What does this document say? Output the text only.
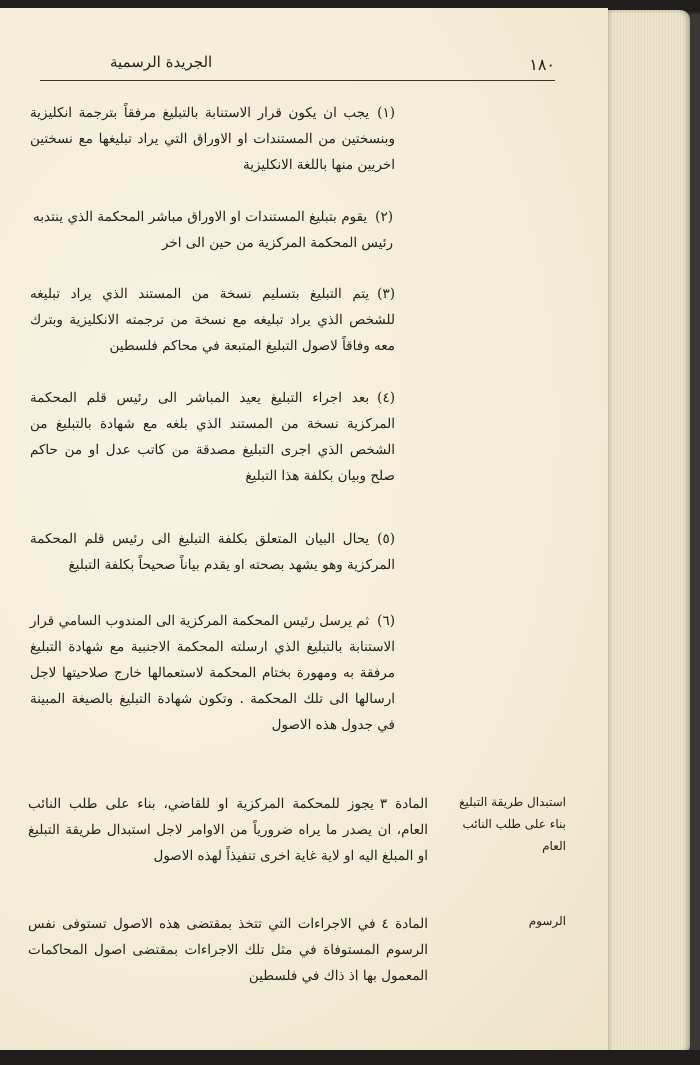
١٨٠
الجريدة الرسمية
(١)يجب ان يكون قرار الاستنابة بالتبليغ مرفقاً بترجمة انكليزية وبنسختين من المستندات او الاوراق التي يراد تبليغها مع نسختين اخريين منها باللغة الانكليزية
(٢)يقوم بتبليغ المستندات او الاوراق مباشر المحكمة الذي ينتدبه رئيس المحكمة المركزية من حين الى اخر
(٣)يتم التبليغ بتسليم نسخة من المستند الذي يراد تبليغه للشخص الذي يراد تبليغه مع نسخة من ترجمته الانكليزية وبترك معه وفاقاً لاصول التبليغ المتبعة في محاكم فلسطين
(٤)بعد اجراء التبليغ يعيد المباشر الى رئيس قلم المحكمة المركزية نسخة من المستند الذي بلغه مع شهادة بالتبليغ من الشخص الذي اجرى التبليغ مصدقة من كاتب عدل او من حاكم صلح وبيان بكلفة هذا التبليغ
(٥)يحال البيان المتعلق بكلفة التبليغ الى رئيس قلم المحكمة المركزية وهو يشهد بصحته او يقدم بياناً صحيحاً بكلفة التبليغ
(٦)ثم يرسل رئيس المحكمة المركزية الى المندوب السامي قرار الاستنابة بالتبليغ الذي ارسلته المحكمة الاجنبية مع شهادة التبليغ مرفقة به ومهورة بختام المحكمة لاستعمالها خارج صلاحيتها لاجل ارسالها الى تلك المحكمة . وتكون شهادة التبليغ بالصيغة المبينة في جدول هذه الاصول
المادة ٣يجوز للمحكمة المركزية او للقاضي، بناء على طلب النائب العام، ان يصدر ما يراه ضرورياً من الاوامر لاجل استبدال طريقة التبليغ او المبلغ اليه او لاية غاية اخرى تنفيذاً لهذه الاصول
استبدال طريقة التبليغ بناء على طلب النائب العام
المادة ٤في الاجراءات التي تتخذ بمقتضى هذه الاصول تستوفى نفس الرسوم المستوفاة في مثل تلك الاجراءات بمقتضى اصول المحاكمات المعمول بها اذ ذاك في فلسطين
الرسوم
